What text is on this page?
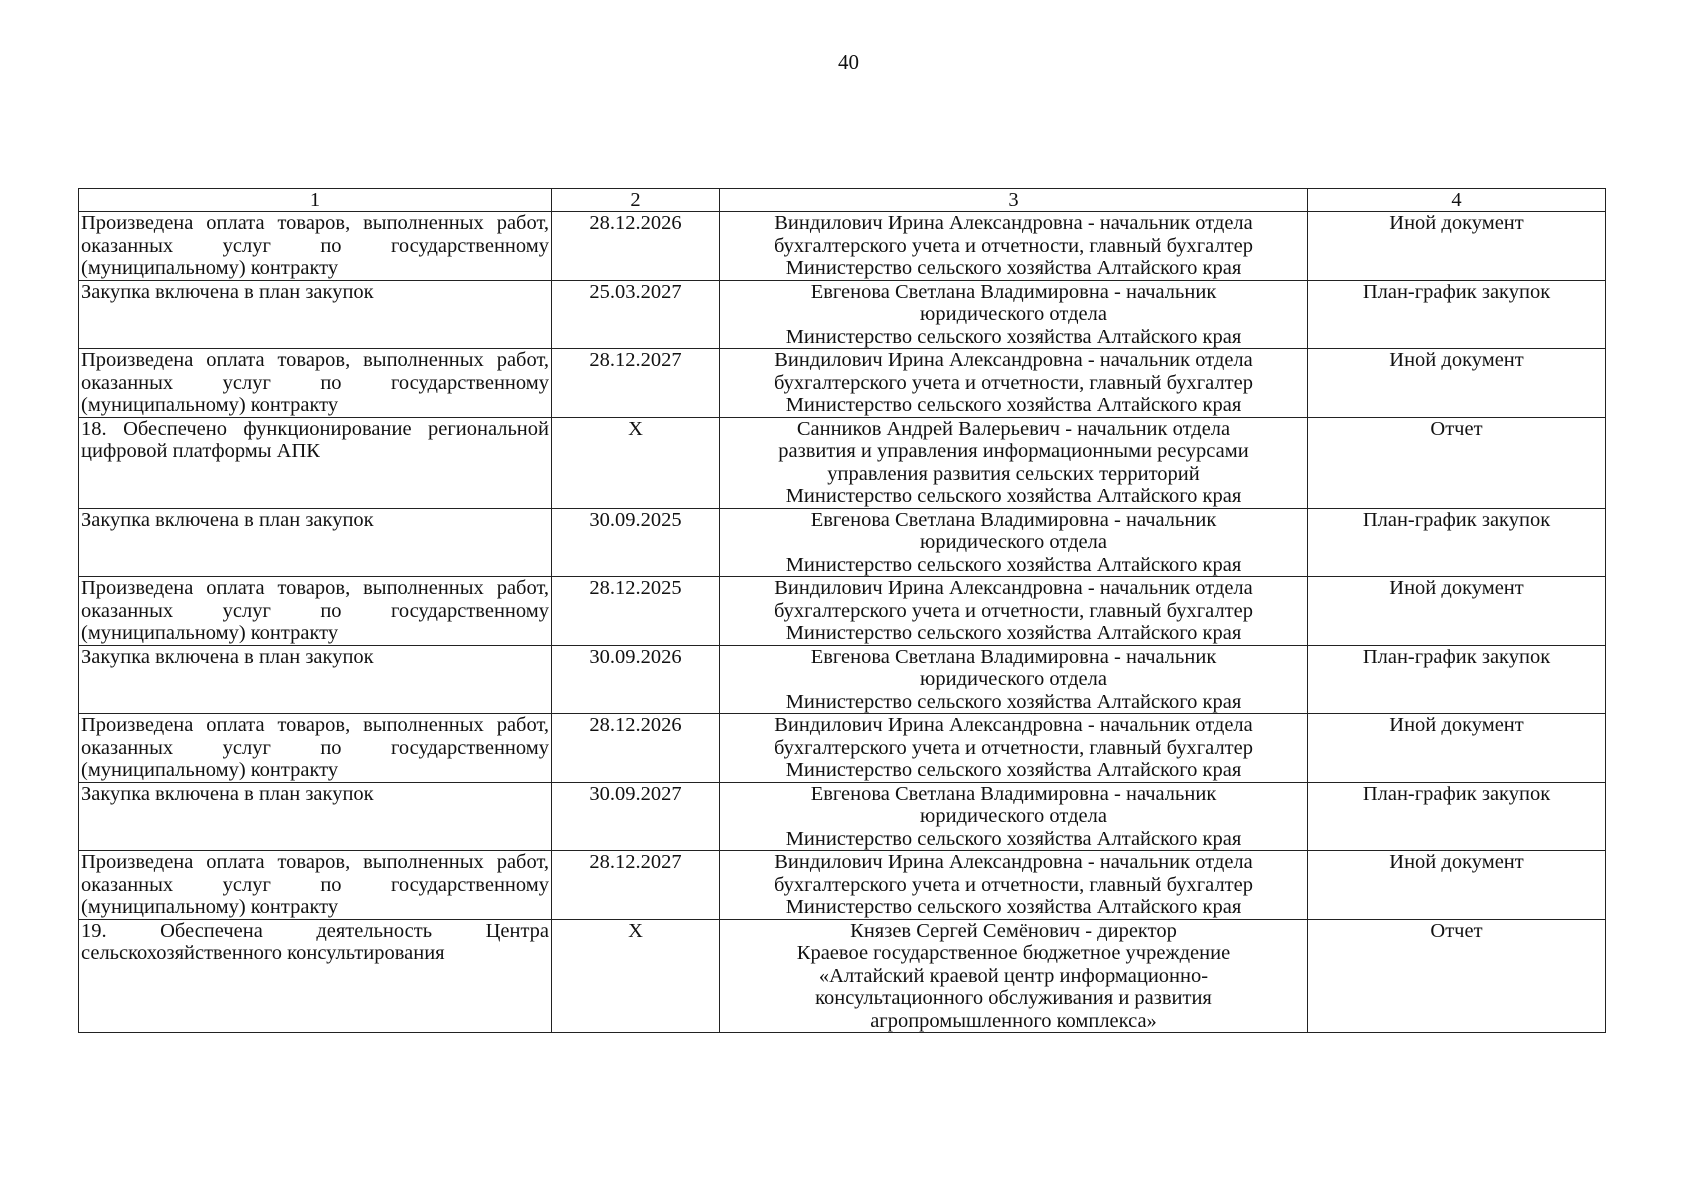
40
1	2	3	4
Произведена оплата товаров, выполненных работ, оказанных услуг по государственному (муниципальному) контракту	28.12.2026	Виндилович Ирина Александровна - начальник отдела
бухгалтерского учета и отчетности, главный бухгалтер
Министерство сельского хозяйства Алтайского края	Иной документ
Закупка включена в план закупок	25.03.2027	Евгенова Светлана Владимировна - начальник
юридического отдела
Министерство сельского хозяйства Алтайского края	План-график закупок
Произведена оплата товаров, выполненных работ, оказанных услуг по государственному (муниципальному) контракту	28.12.2027	Виндилович Ирина Александровна - начальник отдела
бухгалтерского учета и отчетности, главный бухгалтер
Министерство сельского хозяйства Алтайского края	Иной документ
18. Обеспечено функционирование региональной цифровой платформы АПК	X	Санников Андрей Валерьевич - начальник отдела
развития и управления информационными ресурсами
управления развития сельских территорий
Министерство сельского хозяйства Алтайского края	Отчет
Закупка включена в план закупок	30.09.2025	Евгенова Светлана Владимировна - начальник
юридического отдела
Министерство сельского хозяйства Алтайского края	План-график закупок
Произведена оплата товаров, выполненных работ, оказанных услуг по государственному (муниципальному) контракту	28.12.2025	Виндилович Ирина Александровна - начальник отдела
бухгалтерского учета и отчетности, главный бухгалтер
Министерство сельского хозяйства Алтайского края	Иной документ
Закупка включена в план закупок	30.09.2026	Евгенова Светлана Владимировна - начальник
юридического отдела
Министерство сельского хозяйства Алтайского края	План-график закупок
Произведена оплата товаров, выполненных работ, оказанных услуг по государственному (муниципальному) контракту	28.12.2026	Виндилович Ирина Александровна - начальник отдела
бухгалтерского учета и отчетности, главный бухгалтер
Министерство сельского хозяйства Алтайского края	Иной документ
Закупка включена в план закупок	30.09.2027	Евгенова Светлана Владимировна - начальник
юридического отдела
Министерство сельского хозяйства Алтайского края	План-график закупок
Произведена оплата товаров, выполненных работ, оказанных услуг по государственному (муниципальному) контракту	28.12.2027	Виндилович Ирина Александровна - начальник отдела
бухгалтерского учета и отчетности, главный бухгалтер
Министерство сельского хозяйства Алтайского края	Иной документ
19. Обеспечена деятельность Центра сельскохозяйственного консультирования	X	Князев Сергей Семёнович - директор
Краевое государственное бюджетное учреждение
«Алтайский краевой центр информационно-
консультационного обслуживания и развития
агропромышленного комплекса»	Отчет
